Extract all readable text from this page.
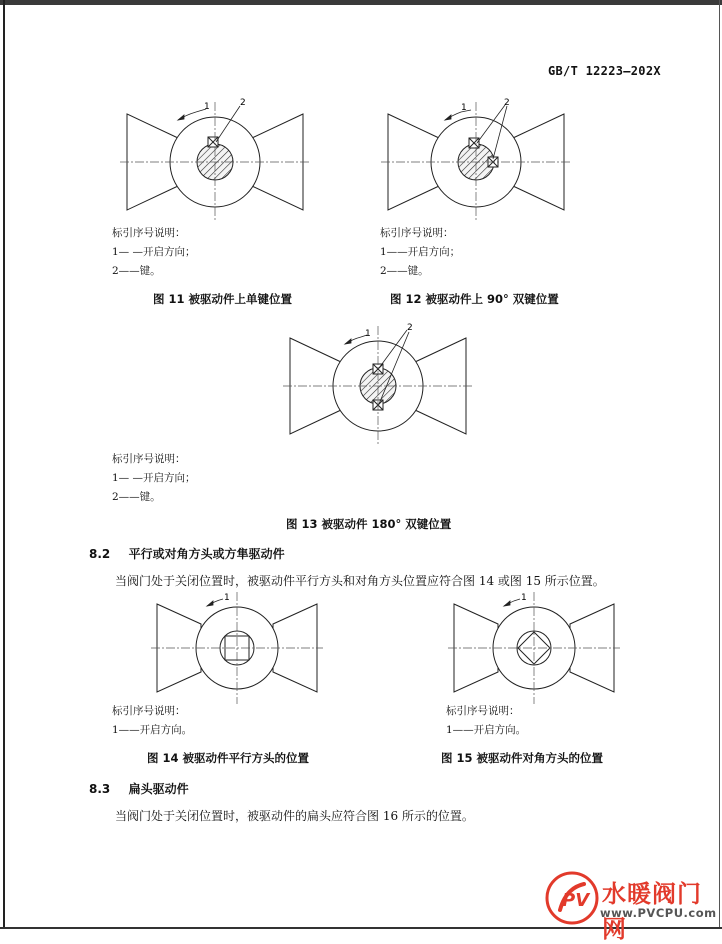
GB/T 12223—202X
1	2
标引序号说明：
1— —开启方向；
2——键。
图 11 被驱动件上单键位置
1	2
标引序号说明：
1——开启方向；
2——键。
图 12 被驱动件上 90° 双键位置
1
2
标引序号说明：
1— —开启方向；
2——键。
图 13 被驱动件 180° 双键位置
8.2 平行或对角方头或方隼驱动件
当阀门处于关闭位置时，被驱动件平行方头和对角方头位置应符合图 14 或图 15 所示位置。
1
标引序号说明：
1——开启方向。
图 14 被驱动件平行方头的位置
1
标引序号说明：
1——开启方向。
图 15 被驱动件对角方头的位置
8.3 扁头驱动件
当阀门处于关闭位置时，被驱动件的扁头应符合图 16 所示的位置。
PV 水暖阀门网
www.PVCPU.com
